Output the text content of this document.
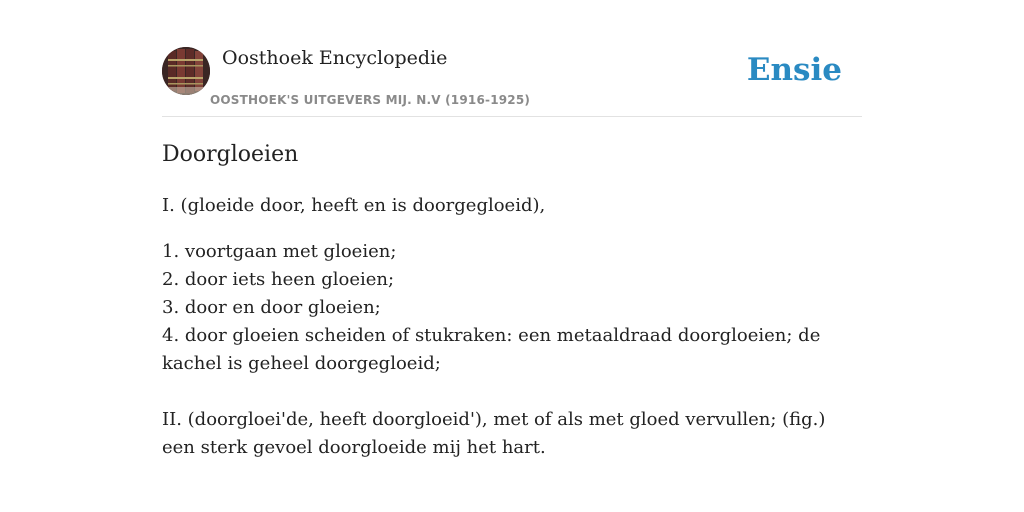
Oosthoek Encyclopedie
OOSTHOEK'S UITGEVERS MIJ. N.V (1916-1925)
Ensie
Doorgloeien

I. (gloeide door, heeft en is doorgegloeid),

1. voortgaan met gloeien;

2. door iets heen gloeien;

3. door en door gloeien;

4. door gloeien scheiden of stukraken: een metaaldraad doorgloeien; de kachel is geheel doorgegloeid;

II. (doorgloei'de, heeft doorgloeid'), met of als met gloed vervullen; (fig.) een sterk gevoel doorgloeide mij het hart.
